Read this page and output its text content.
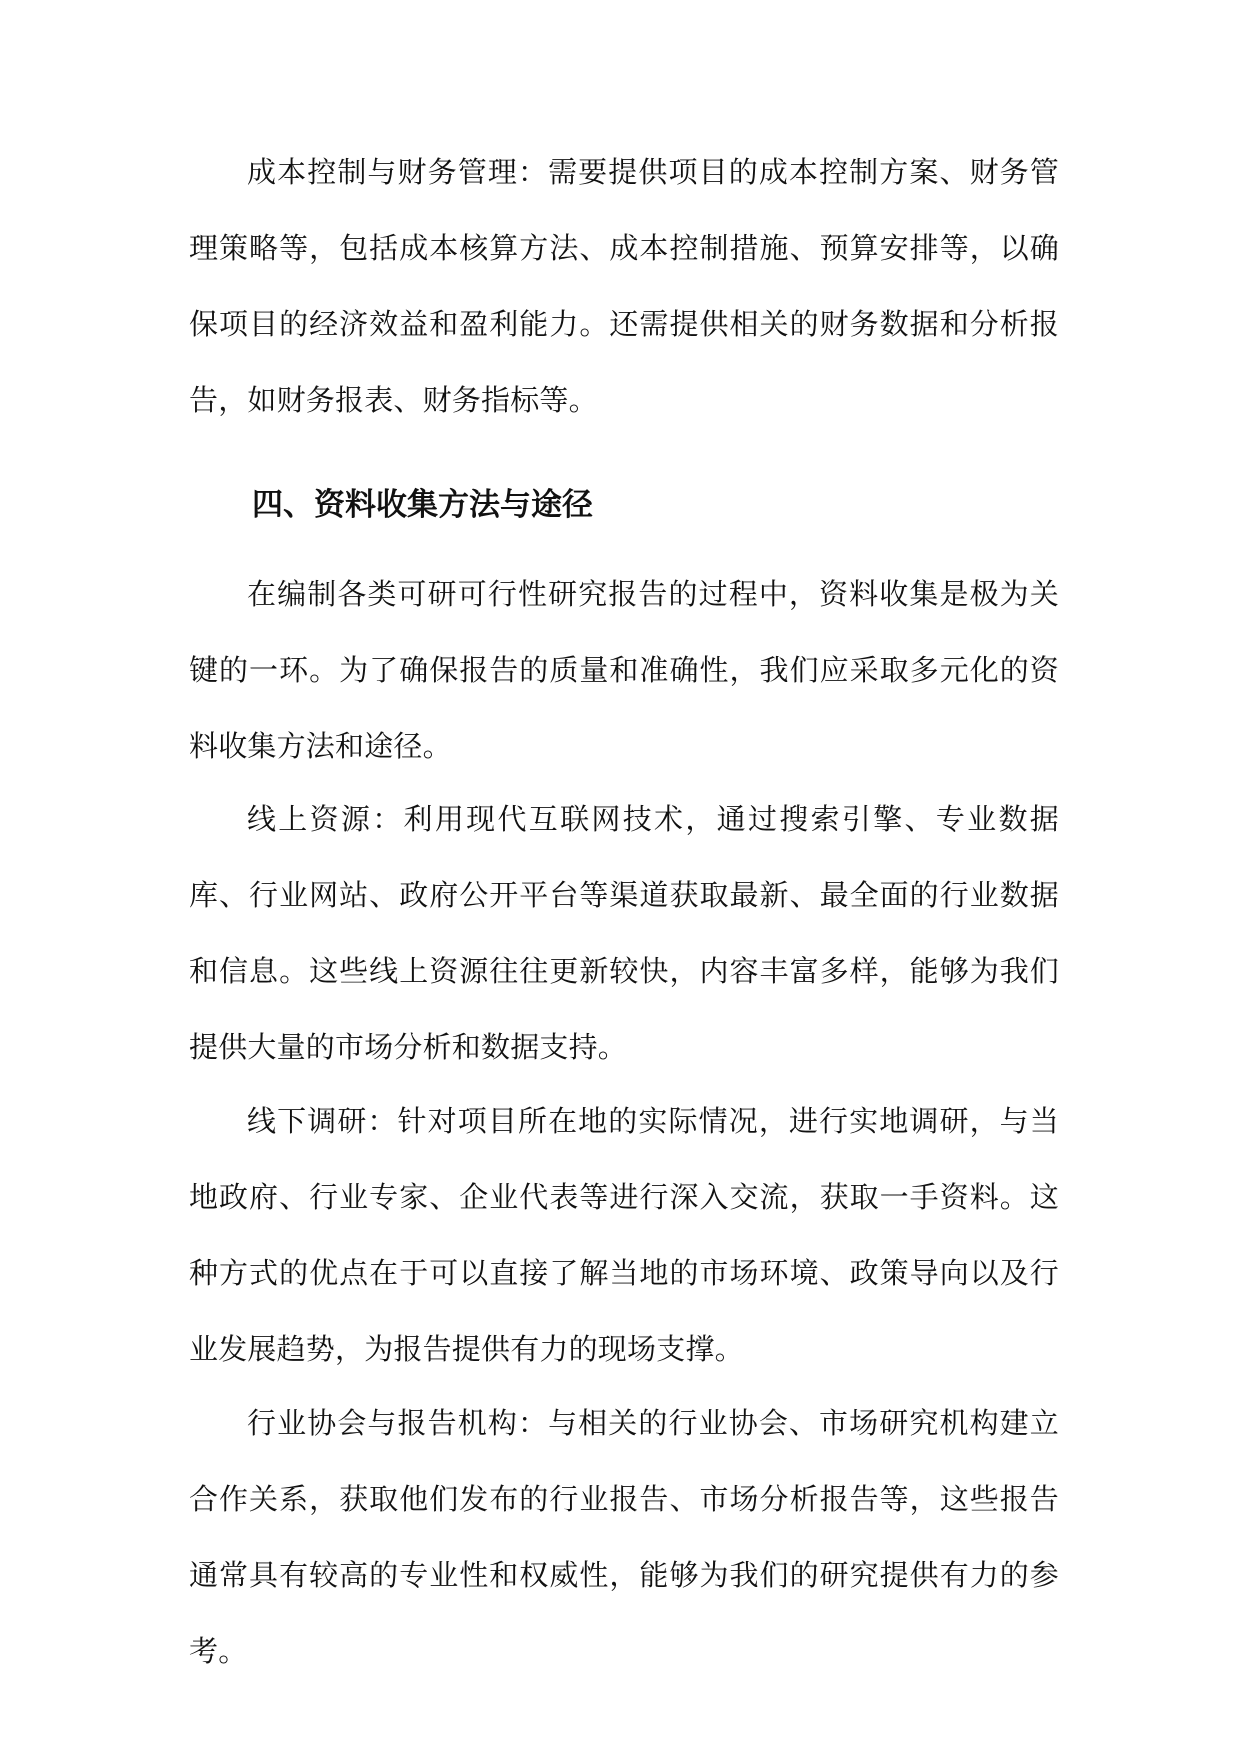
成本控制与财务管理：需要提供项目的成本控制方案、财务管理策略等，包括成本核算方法、成本控制措施、预算安排等，以确保项目的经济效益和盈利能力。还需提供相关的财务数据和分析报告，如财务报表、财务指标等。

四、资料收集方法与途径

在编制各类可研可行性研究报告的过程中，资料收集是极为关键的一环。为了确保报告的质量和准确性，我们应采取多元化的资料收集方法和途径。

线上资源：利用现代互联网技术，通过搜索引擎、专业数据库、行业网站、政府公开平台等渠道获取最新、最全面的行业数据和信息。这些线上资源往往更新较快，内容丰富多样，能够为我们提供大量的市场分析和数据支持。

线下调研：针对项目所在地的实际情况，进行实地调研，与当地政府、行业专家、企业代表等进行深入交流，获取一手资料。这种方式的优点在于可以直接了解当地的市场环境、政策导向以及行业发展趋势，为报告提供有力的现场支撑。

行业协会与报告机构：与相关的行业协会、市场研究机构建立合作关系，获取他们发布的行业报告、市场分析报告等，这些报告通常具有较高的专业性和权威性，能够为我们的研究提供有力的参考。
